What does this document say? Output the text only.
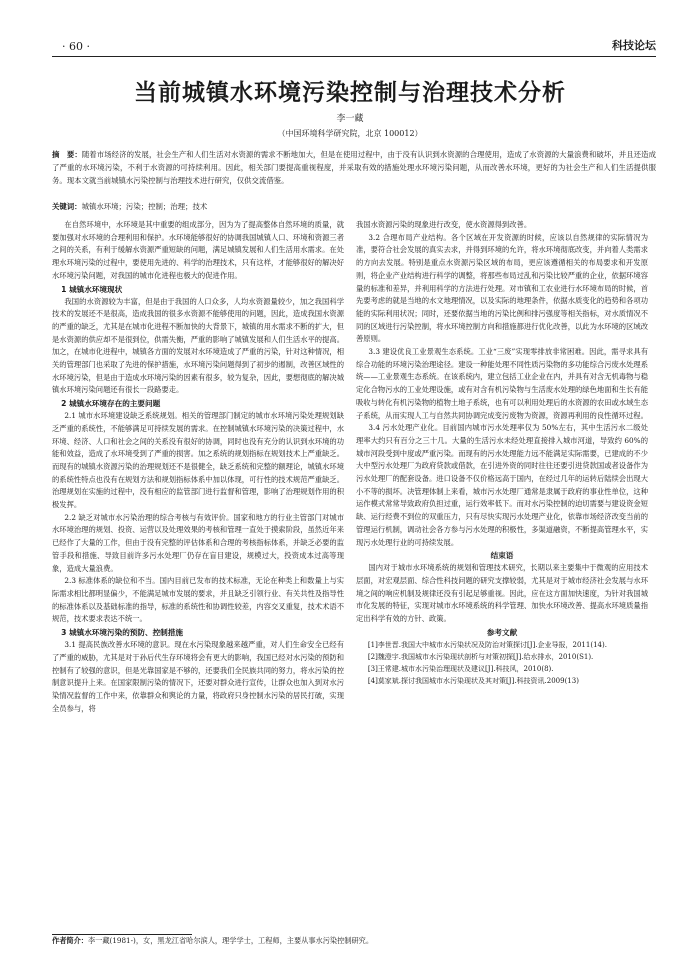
· 60 ·	科技论坛
当前城镇水环境污染控制与治理技术分析
李一藏
（中国环境科学研究院，北京 100012）
摘　要：随着市场经济的发展，社会生产和人们生活对水资源的需求不断地加大，但是在使用过程中，由于没有认识到水资源的合理使用，造成了水资源的大量浪费和破坏，并且还造成了严重的水环境污染，不利于水资源的可持续利用。因此，相关部门要提高重视程度，并采取有效的措施处理水环境污染问题，从而改善水环境，更好的为社会生产和人们生活提供服务。现本文就当前城镇水污染控制与治理技术进行研究，仅供交流借鉴。
关键词：城镇水环境；污染；控制；治理；技术

在自然环境中，水环境是其中重要的组成部分，因为为了提高整体自然环境的质量，就要加强对水环境的合理利用和保护。水环境能够很好的协调我国城镇人口、环境和资源三者之间的关系，有利于缓解水资源严重短缺的问题，满足城镇发展和人们生活用水需求。在处理水环境污染的过程中，要使用先进的、科学的治理技术，只有这样，才能够很好的解决好水环境污染问题，对我国的城市化进程也极大的促进作用。

1 城镇水环境现状

我国的水资源较为丰富，但是由于我国的人口众多，人均水资源量较少，加之我国科学技术的发展还不是很高，造成我国的很多水资源不能够使用的问题，因此，造成我国水资源的严重的缺乏，尤其是在城市化进程不断加快的大背景下，城镇的用水需求不断的扩大，但是水资源的供应却不是很到位，供需失衡，严重的影响了城镇发展和人们生活水平的提高。加之，在城市化进程中，城镇各方面的发展对水环境造成了严重的污染，针对这种情况，相关的管理部门也采取了先进的保护措施，水环境污染问题得到了初步的遏制，改善区域性的水环境污染，但是由于造成水环境污染的因素有很多，较为复杂，因此，要想彻底的解决城镇水环境污染问题还有很长一段路要走。

2 城镇水环境存在的主要问题

2.1 城市水环境建设缺乏系统规划。相关的管理部门制定的城市水环境污染处理规划缺乏严重的系统性，不能够满足可持续发展的需求。在控制城镇水环境污染的决策过程中，水环境、经济、人口和社会之间的关系没有很好的协调，同时也没有充分的认识到水环境的功能和效益，造成了水环境受到了严重的损害。加之系统的规划指标在规划技术上严重缺乏。而现有的城镇水资源污染的治理规划还不是很健全，缺乏系统和完整的额理论，城镇水环境的系统性特点也没有在规划方法和规划指标体系中加以体现，可行性的技术规范严重缺乏。治理规划在实施的过程中，没有相应的监管部门进行监督和管理，影响了治理规划作用的积极发挥。

2.2 缺乏对城市水污染治理的综合考核与有效评价。国家和地方的行业主管部门对城市水环境治理的规划、投资、运营以及处理效果的考核和管理一直处于摸索阶段，虽然近年来已经作了大量的工作，但由于没有完整的评估体系和合理的考核指标体系，并缺乏必要的监管手段和措施、导致目前许多污水处理厂仍存在盲目建设，规模过大，投资成本过高等现象，造成大量浪费。

2.3 标准体系的缺位和不当。国内目前已发布的技术标准，无论在种类上和数量上与实际需求相比都明显偏少，不能满足城市发展的要求，并且缺乏引领行业、有关共性及指导性的标准体系以及基础标准的指导，标准的系统性和协调性较差，内容交叉重复，技术术语不规范，技术要求表达不统一。

3 城镇水环境污染的预防、控制措施

3.1 提高民族改善水环境的意识。现在水污染现象越来越严重，对人们生命安全已经有了严重的威胁，尤其是对于孙后代生存环境将会有更大的影响，我国已经对水污染的预防和控制有了较强的意识，但是光靠国家是不够的，还要我们全民族共同的努力，将水污染的控制意识提升上来。在国家限制污染的情况下，还要对群众进行宣传，让群众也加入到对水污染情况监督的工作中来，依靠群众和舆论的力量，将政府只身控制水污染的居民打破，实现全员参与，将

我国水资源污染的现象进行改变，使水资源得到改善。

3.2 合理布局产业结构。各个区域在开发资源的时候，应该以自然规律的实际情况为准，要符合社会发展的真实去求，并得到环境的允许，将水环境彻底改变，并向着人类需求的方向去发展。特别是重点水资源污染区域的布局，更应该遵循相关的布局要求和开发原则，将企业产业结构进行科学的调整，将那些布局过乱和污染比较严重的企业，依据环境容量的标准和差异，并利用科学的方法进行处理。对市镇和工农业进行水环境布局的时候，首先要考虑的就是当地的水文地理情况，以及实际的地理条件，依据水质变化的趋势和各项功能的实际利用状况；同时，还要依据当地的污染比例和排污强度等相关指标，对水质情况不同的区域进行污染控制，将水环境控制方向和措施都进行优化改善，以此为水环境的区域改善原则。

3.3 建设优良工业景观生态系统。工业“三废”实现零排放非常困难。因此，需寻求具有综合功能的环境污染治理途径。建设一种能处理不同性质污染物的多功能综合污废水处理系统——工业景观生态系统。在该系统内，建立包括工业企业在内，并具有对含无机毒物与稳定化合物污水的工业处理设施，或有对含有机污染物与生活废水处理的绿色地面和生长有能吸收与转化有机污染物的植物土地子系统，也有可以利用处理后的水资源的农田或水域生态子系统，从而实现人工与自然共同协调完成变污废物为资源，资源再利用的良性循环过程。

3.4 污水处理产业化。目前国内城市污水处理率仅为 50%左右，其中生活污水二级处理率大约只有百分之三十几。大量的生活污水未经处理直接排入城市河道，导致约 60%的城市河段受到中度或严重污染。而现有的污水处理能力远不能满足实际需要，已建成的不少大中型污水处理厂为政府贷款或借款，在引进外资的同时往往还要引进贷款国或者设备作为污水处理厂的配套设备。进口设备不仅价格远高于国内，在经过几年的运转后陆续会出现大小不等的损坏。决管理体制上来看，城市污水处理厂通常是隶属于政府的事业性单位，这种运作模式常常导致政府负担过重，运行效率低下。而对水污染控制的迫切需要与建设资金短缺、运行经费不到位的双重压力，只有尽快实现污水处理产业化，依靠市场经济改变当前的管理运行机制，调动社会各方参与污水处理的积极性，多渠道融资，不断提高管理水平，实现污水处理行业的可持续发展。

结束语

国内对于城市水环境系统的规划和管理技术研究，长期以来主要集中于微观的应用技术层面，对宏观层面、综合性科技问题的研究支撑较弱，尤其是对于城市经济社会发展与水环境之间的响应机制及规律还没有引起足够重视。因此，应在这方面加快速度，为针对我国城市化发展的特征，实现对城市水环境系统的科学管理、加快水环境改善、提高水环境质量指定出科学有效的方针、政策。

参考文献

[1]李世晋.我国大中城市水污染状况及防治对策探讨[J].企业导报，2011(14).

[2]魏澄宇.我国城市水污染现状剖析与对策初探[J].给水排水，2010(S1).

[3]王常建.城市水污染治理现状及建议[J].科技风，2010(8).

[4]莫家斌.探讨我国城市水污染现状及其对策[J].科技资讯.2009(13)

作者简介：李一藏(1981-)，女，黑龙江省哈尔滨人，理学学士，工程师，主要从事水污染控制研究。
